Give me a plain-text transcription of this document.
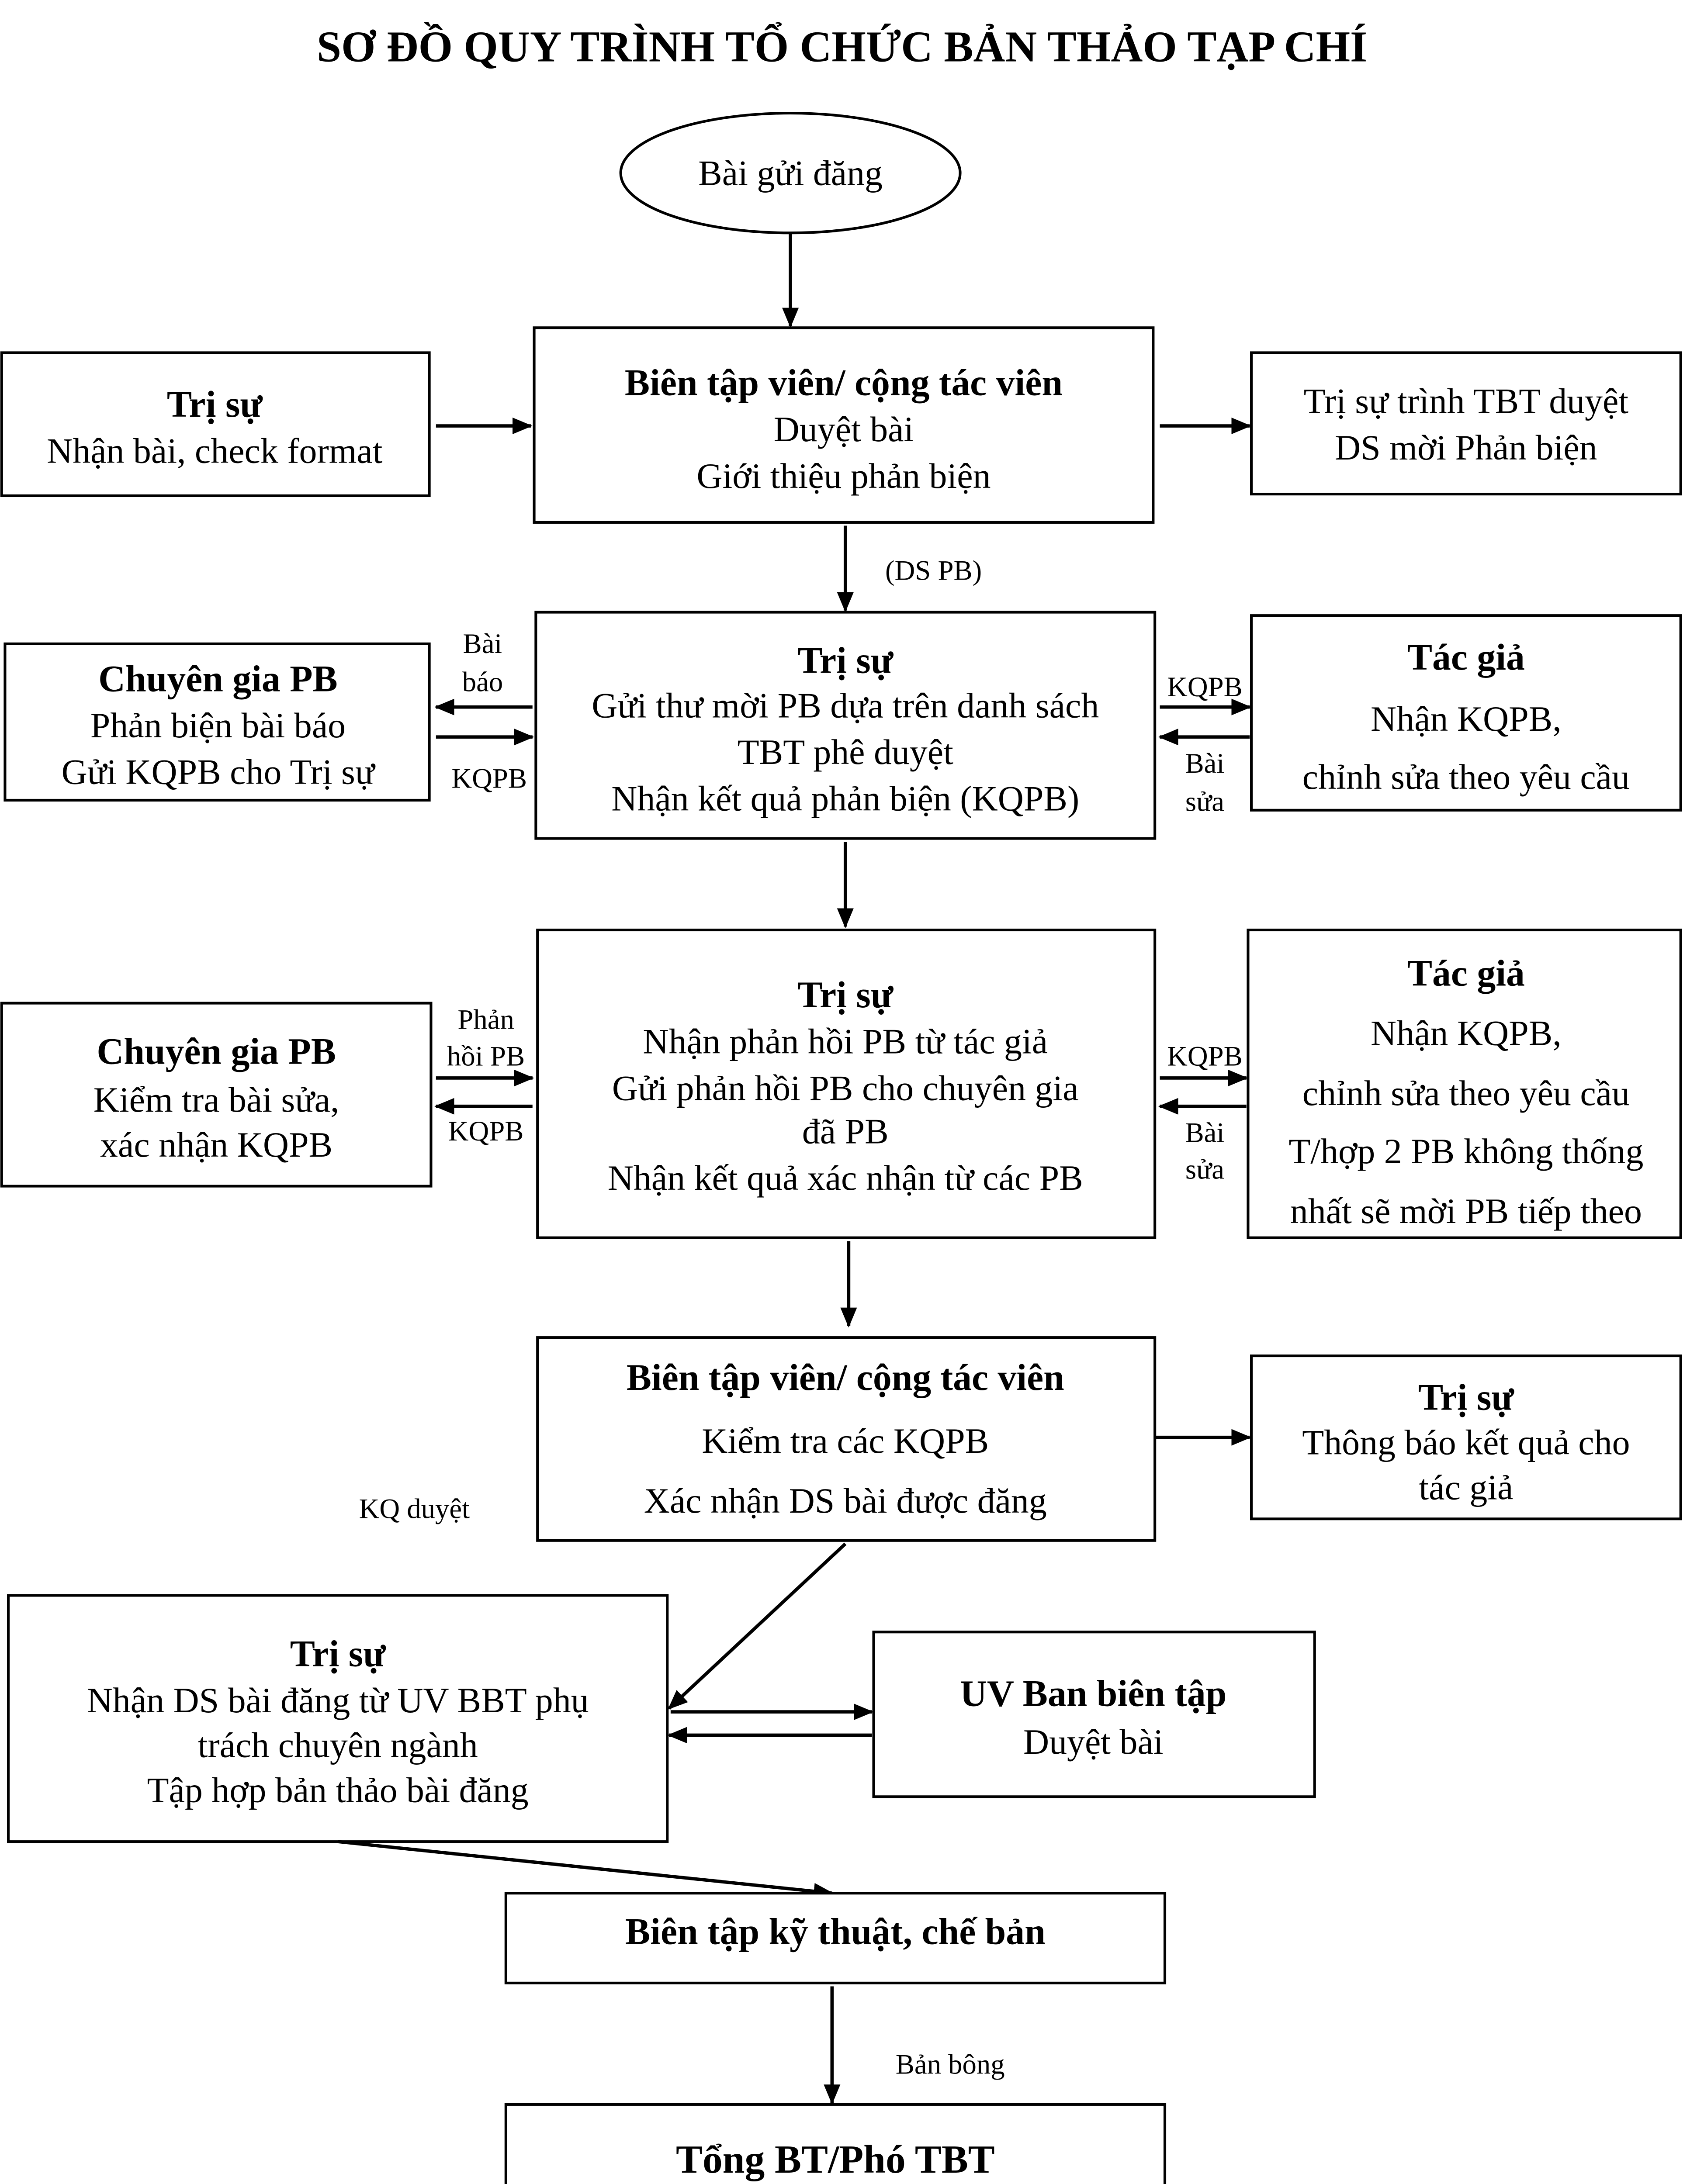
SƠ ĐỒ QUY TRÌNH TỔ CHỨC BẢN THẢO TẠP CHÍ
Bài gửi đăng
Trị sự
Nhận bài, check format
Biên tập viên/ cộng tác viên
Duyệt bài
Giới thiệu phản biện
Trị sự trình TBT duyệt
DS mời Phản biện
(DS PB)
Chuyên gia PB
Phản biện bài báo
Gửi KQPB cho Trị sự
Trị sự
Gửi thư mời PB dựa trên danh sách
TBT phê duyệt
Nhận kết quả phản biện (KQPB)
Tác giả
Nhận KQPB,
chỉnh sửa theo yêu cầu
Bài
báo
KQPB
KQPB
Bài
sửa
Chuyên gia PB
Kiểm tra bài sửa,
xác nhận KQPB
Trị sự
Nhận phản hồi PB từ tác giả
Gửi phản hồi PB cho chuyên gia
đã PB
Nhận kết quả xác nhận từ các PB
Tác giả
Nhận KQPB,
chỉnh sửa theo yêu cầu
T/hợp 2 PB không thống
nhất sẽ mời PB tiếp theo
Phản
hồi PB
KQPB
KQPB
Bài
sửa
Biên tập viên/ cộng tác viên
Kiểm tra các KQPB
Xác nhận DS bài được đăng
Trị sự
Thông báo kết quả cho
tác giả
KQ duyệt
Trị sự
Nhận DS bài đăng từ UV BBT phụ
trách chuyên ngành
Tập hợp bản thảo bài đăng
UV Ban biên tập
Duyệt bài
Biên tập kỹ thuật, chế bản
Bản bông
Tổng BT/Phó TBT
